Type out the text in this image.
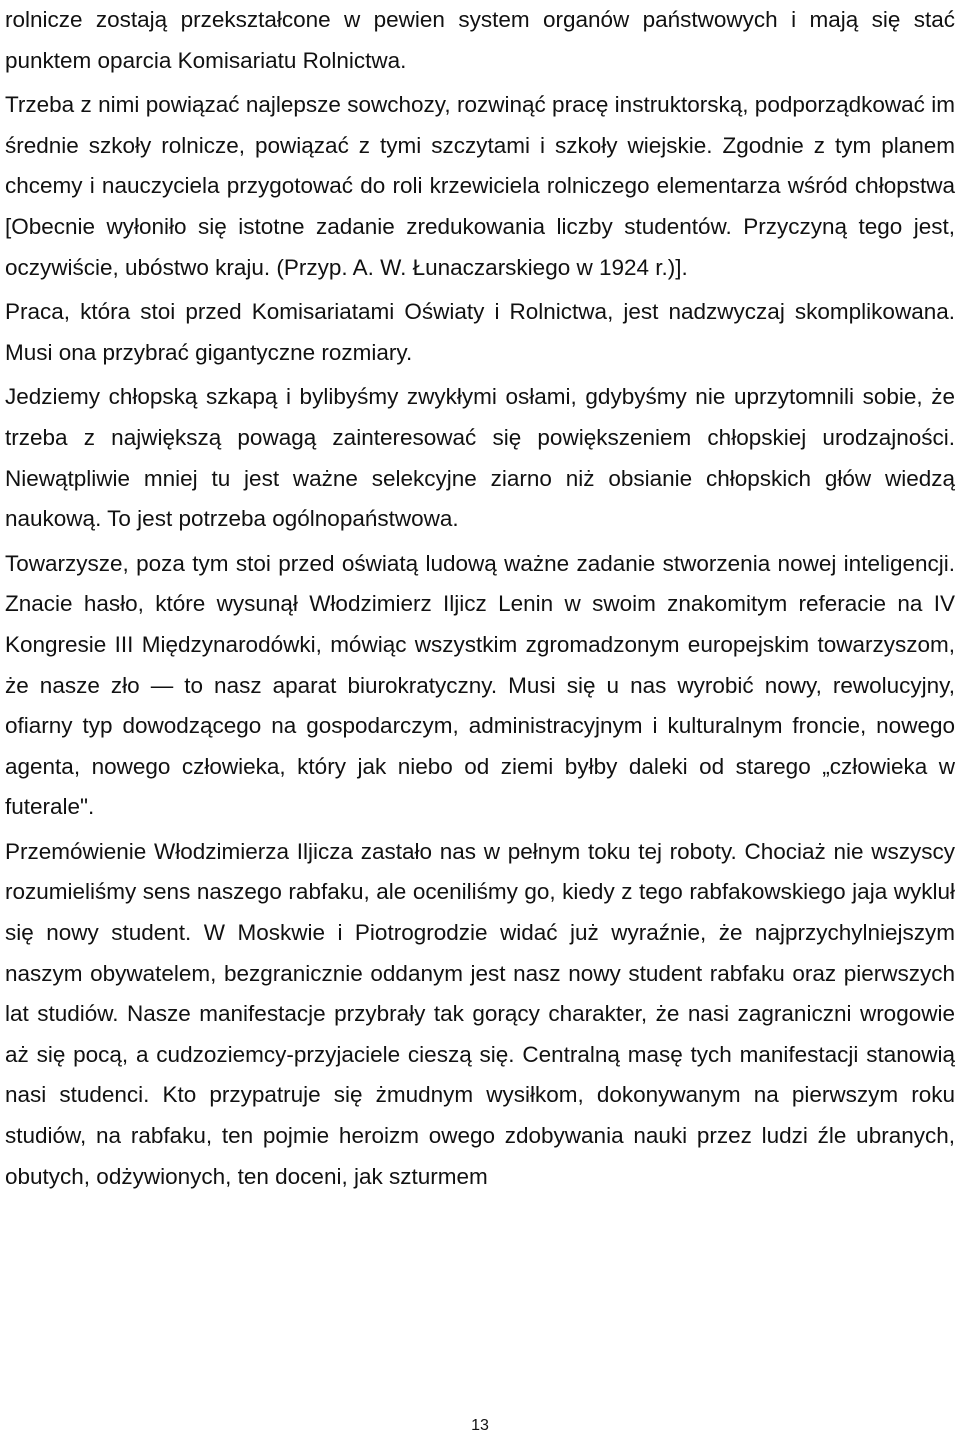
rolnicze zostają przekształcone w pewien system organów państwowych i mają się stać punktem oparcia Komisariatu Rolnictwa.

Trzeba z nimi powiązać najlepsze sowchozy, rozwinąć pracę instruktorską, podporządkować im średnie szkoły rolnicze, powiązać z tymi szczytami i szkoły wiejskie. Zgodnie z tym planem chcemy i nauczyciela przygotować do roli krzewiciela rolniczego elementarza wśród chłopstwa [Obecnie wyłoniło się istotne zadanie zredukowania liczby studentów. Przyczyną tego jest, oczywiście, ubóstwo kraju. (Przyp. A. W. Łunaczarskiego w 1924 r.)].

Praca, która stoi przed Komisariatami Oświaty i Rolnictwa, jest nadzwyczaj skomplikowana. Musi ona przybrać gigantyczne rozmiary.

Jedziemy chłopską szkapą i bylibyśmy zwykłymi osłami, gdybyśmy nie uprzytomnili sobie, że trzeba z największą powagą zainteresować się powiększeniem chłopskiej urodzajności. Niewątpliwie mniej tu jest ważne selekcyjne ziarno niż obsianie chłopskich głów wiedzą naukową. To jest potrzeba ogólnopaństwowa.

Towarzysze, poza tym stoi przed oświatą ludową ważne zadanie stworzenia nowej inteligencji. Znacie hasło, które wysunął Włodzimierz Iljicz Lenin w swoim znakomitym referacie na IV Kongresie III Międzynarodówki, mówiąc wszystkim zgromadzonym europejskim towarzyszom, że nasze zło — to nasz aparat biurokratyczny. Musi się u nas wyrobić nowy, rewolucyjny, ofiarny typ dowodzącego na gospodarczym, administracyjnym i kulturalnym froncie, nowego agenta, nowego człowieka, który jak niebo od ziemi byłby daleki od starego „człowieka w futerale".

Przemówienie Włodzimierza Iljicza zastało nas w pełnym toku tej roboty. Chociaż nie wszyscy rozumieliśmy sens naszego rabfaku, ale oceniliśmy go, kiedy z tego rabfakowskiego jaja wykluł się nowy student. W Moskwie i Piotrogrodzie widać już wyraźnie, że najprzychylniejszym naszym obywatelem, bezgranicznie oddanym jest nasz nowy student rabfaku oraz pierwszych lat studiów. Nasze manifestacje przybrały tak gorący charakter, że nasi zagraniczni wrogowie aż się pocą, a cudzoziemcy-przyjaciele cieszą się. Centralną masę tych manifestacji stanowią nasi studenci. Kto przypatruje się żmudnym wysiłkom, dokonywanym na pierwszym roku studiów, na rabfaku, ten pojmie heroizm owego zdobywania nauki przez ludzi źle ubranych, obutych, odżywionych, ten doceni, jak szturmem

13
